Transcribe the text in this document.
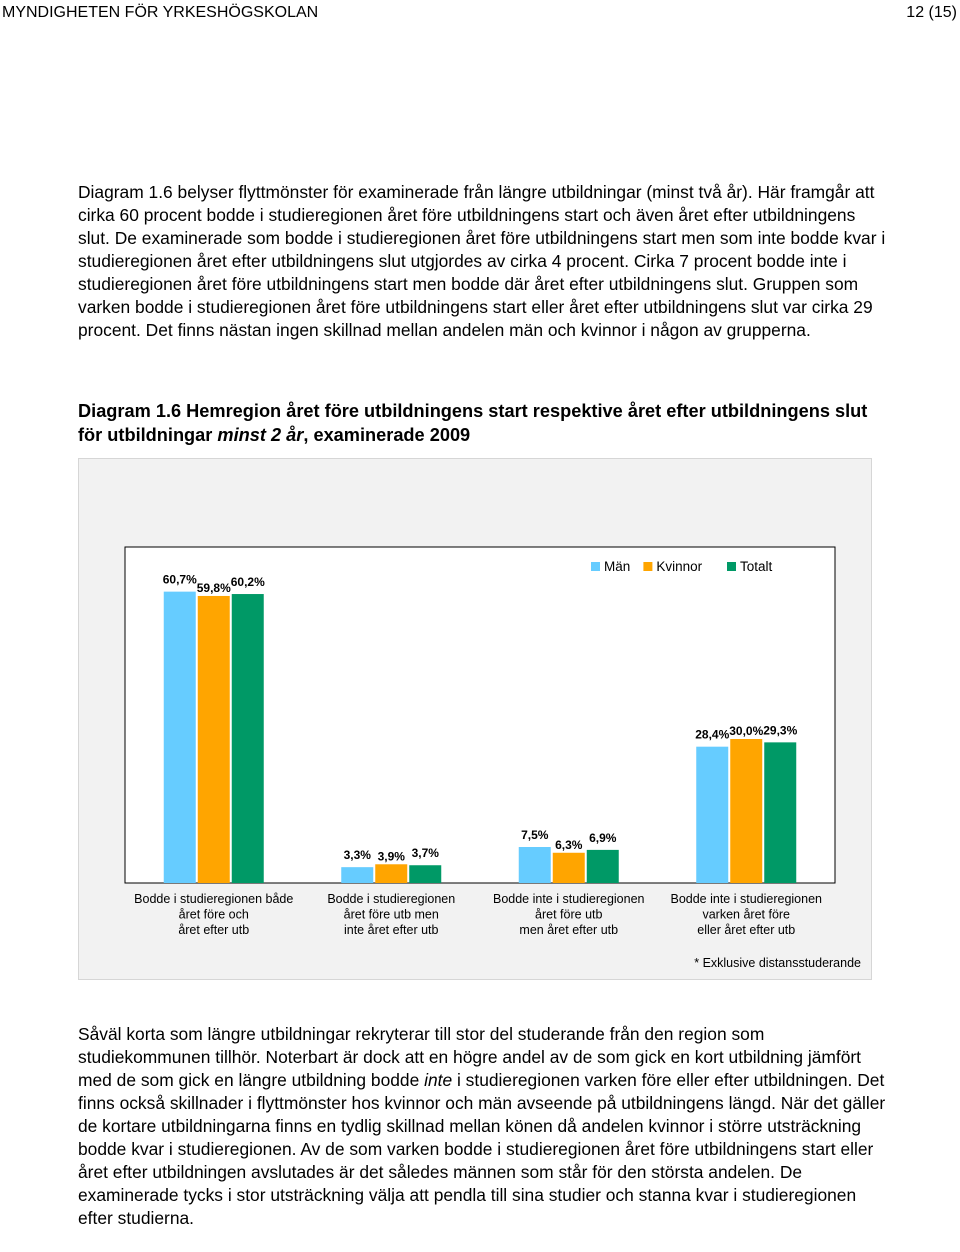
MYNDIGHETEN FÖR YRKESHÖGSKOLAN	12 (15)

Diagram 1.6 belyser flyttmönster för examinerade från längre utbildningar (minst två år). Här framgår att cirka 60 procent bodde i studieregionen året före utbildningens start och även året efter utbildningens slut. De examinerade som bodde i studieregionen året före utbildningens start men som inte bodde kvar i studieregionen året efter utbildningens slut utgjordes av cirka 4 procent. Cirka 7 procent bodde inte i studieregionen året före utbildningens start men bodde där året efter utbildningens slut. Gruppen som varken bodde i studieregionen året före utbildningens start eller året efter utbildningens slut var cirka 29 procent. Det finns nästan ingen skillnad mellan andelen män och kvinnor i någon av grupperna.

Diagram 1.6 Hemregion året före utbildningens start respektive året efter utbildningens slut för utbildningar minst 2 år, examinerade 2009

60,7%
59,8% 60,2%
Bodde i studieregionen både
året före och
året efter utb
3,3% 3,9% 3,7%
Bodde i studieregionen
året före utb men
inte året efter utb
7,5%
6,3% 6,9%
Bodde inte i studieregionen
året före utb
men året efter utb
28,4% 30,0% 29,3%
Bodde inte i studieregionen
varken året före
eller året efter utb
Män Kvinnor	Totalt
* Exklusive distansstuderande

Såväl korta som längre utbildningar rekryterar till stor del studerande från den region som studiekommunen tillhör. Noterbart är dock att en högre andel av de som gick en kort utbildning jämfört med de som gick en längre utbildning bodde inte i studieregionen varken före eller efter utbildningen. Det finns också skillnader i flyttmönster hos kvinnor och män avseende på utbildningens längd. När det gäller de kortare utbildningarna finns en tydlig skillnad mellan könen då andelen kvinnor i större utsträckning bodde kvar i studieregionen. Av de som varken bodde i studieregionen året före utbildningens start eller året efter utbildningen avslutades är det således männen som står för den största andelen. De examinerade tycks i stor utsträckning välja att pendla till sina studier och stanna kvar i studieregionen efter studierna.
